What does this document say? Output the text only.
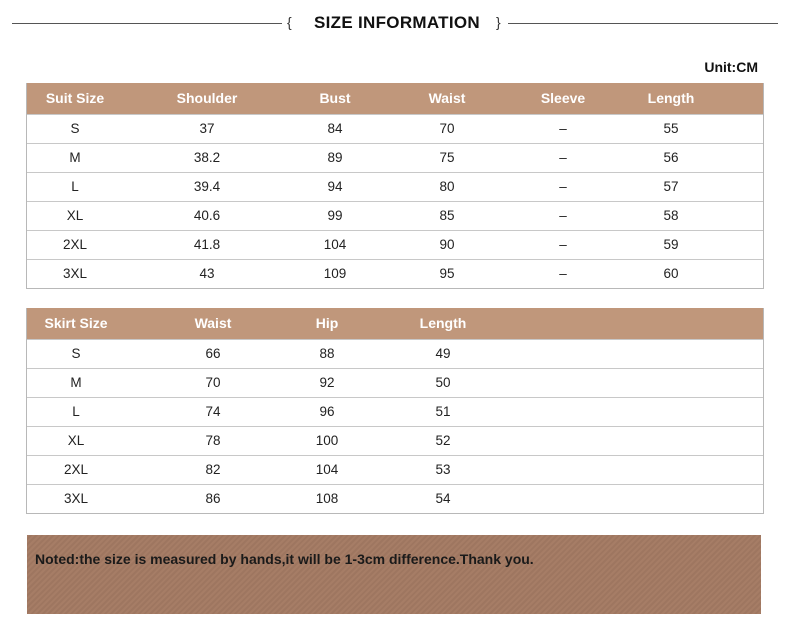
{	SIZE INFORMATION	}
Unit:CM
Suit Size	Shoulder	Bust	Waist	Sleeve	Length
S	37	84	70	–	55
M	38.2	89	75	–	56
L	39.4	94	80	–	57
XL	40.6	99	85	–	58
2XL	41.8	104	90	–	59
3XL	43	109	95	–	60
Skirt Size	Waist	Hip	Length
S	66	88	49
M	70	92	50
L	74	96	51
XL	78	100	52
2XL	82	104	53
3XL	86	108	54
Noted:the size is measured by hands,it will be 1-3cm difference.Thank you.
